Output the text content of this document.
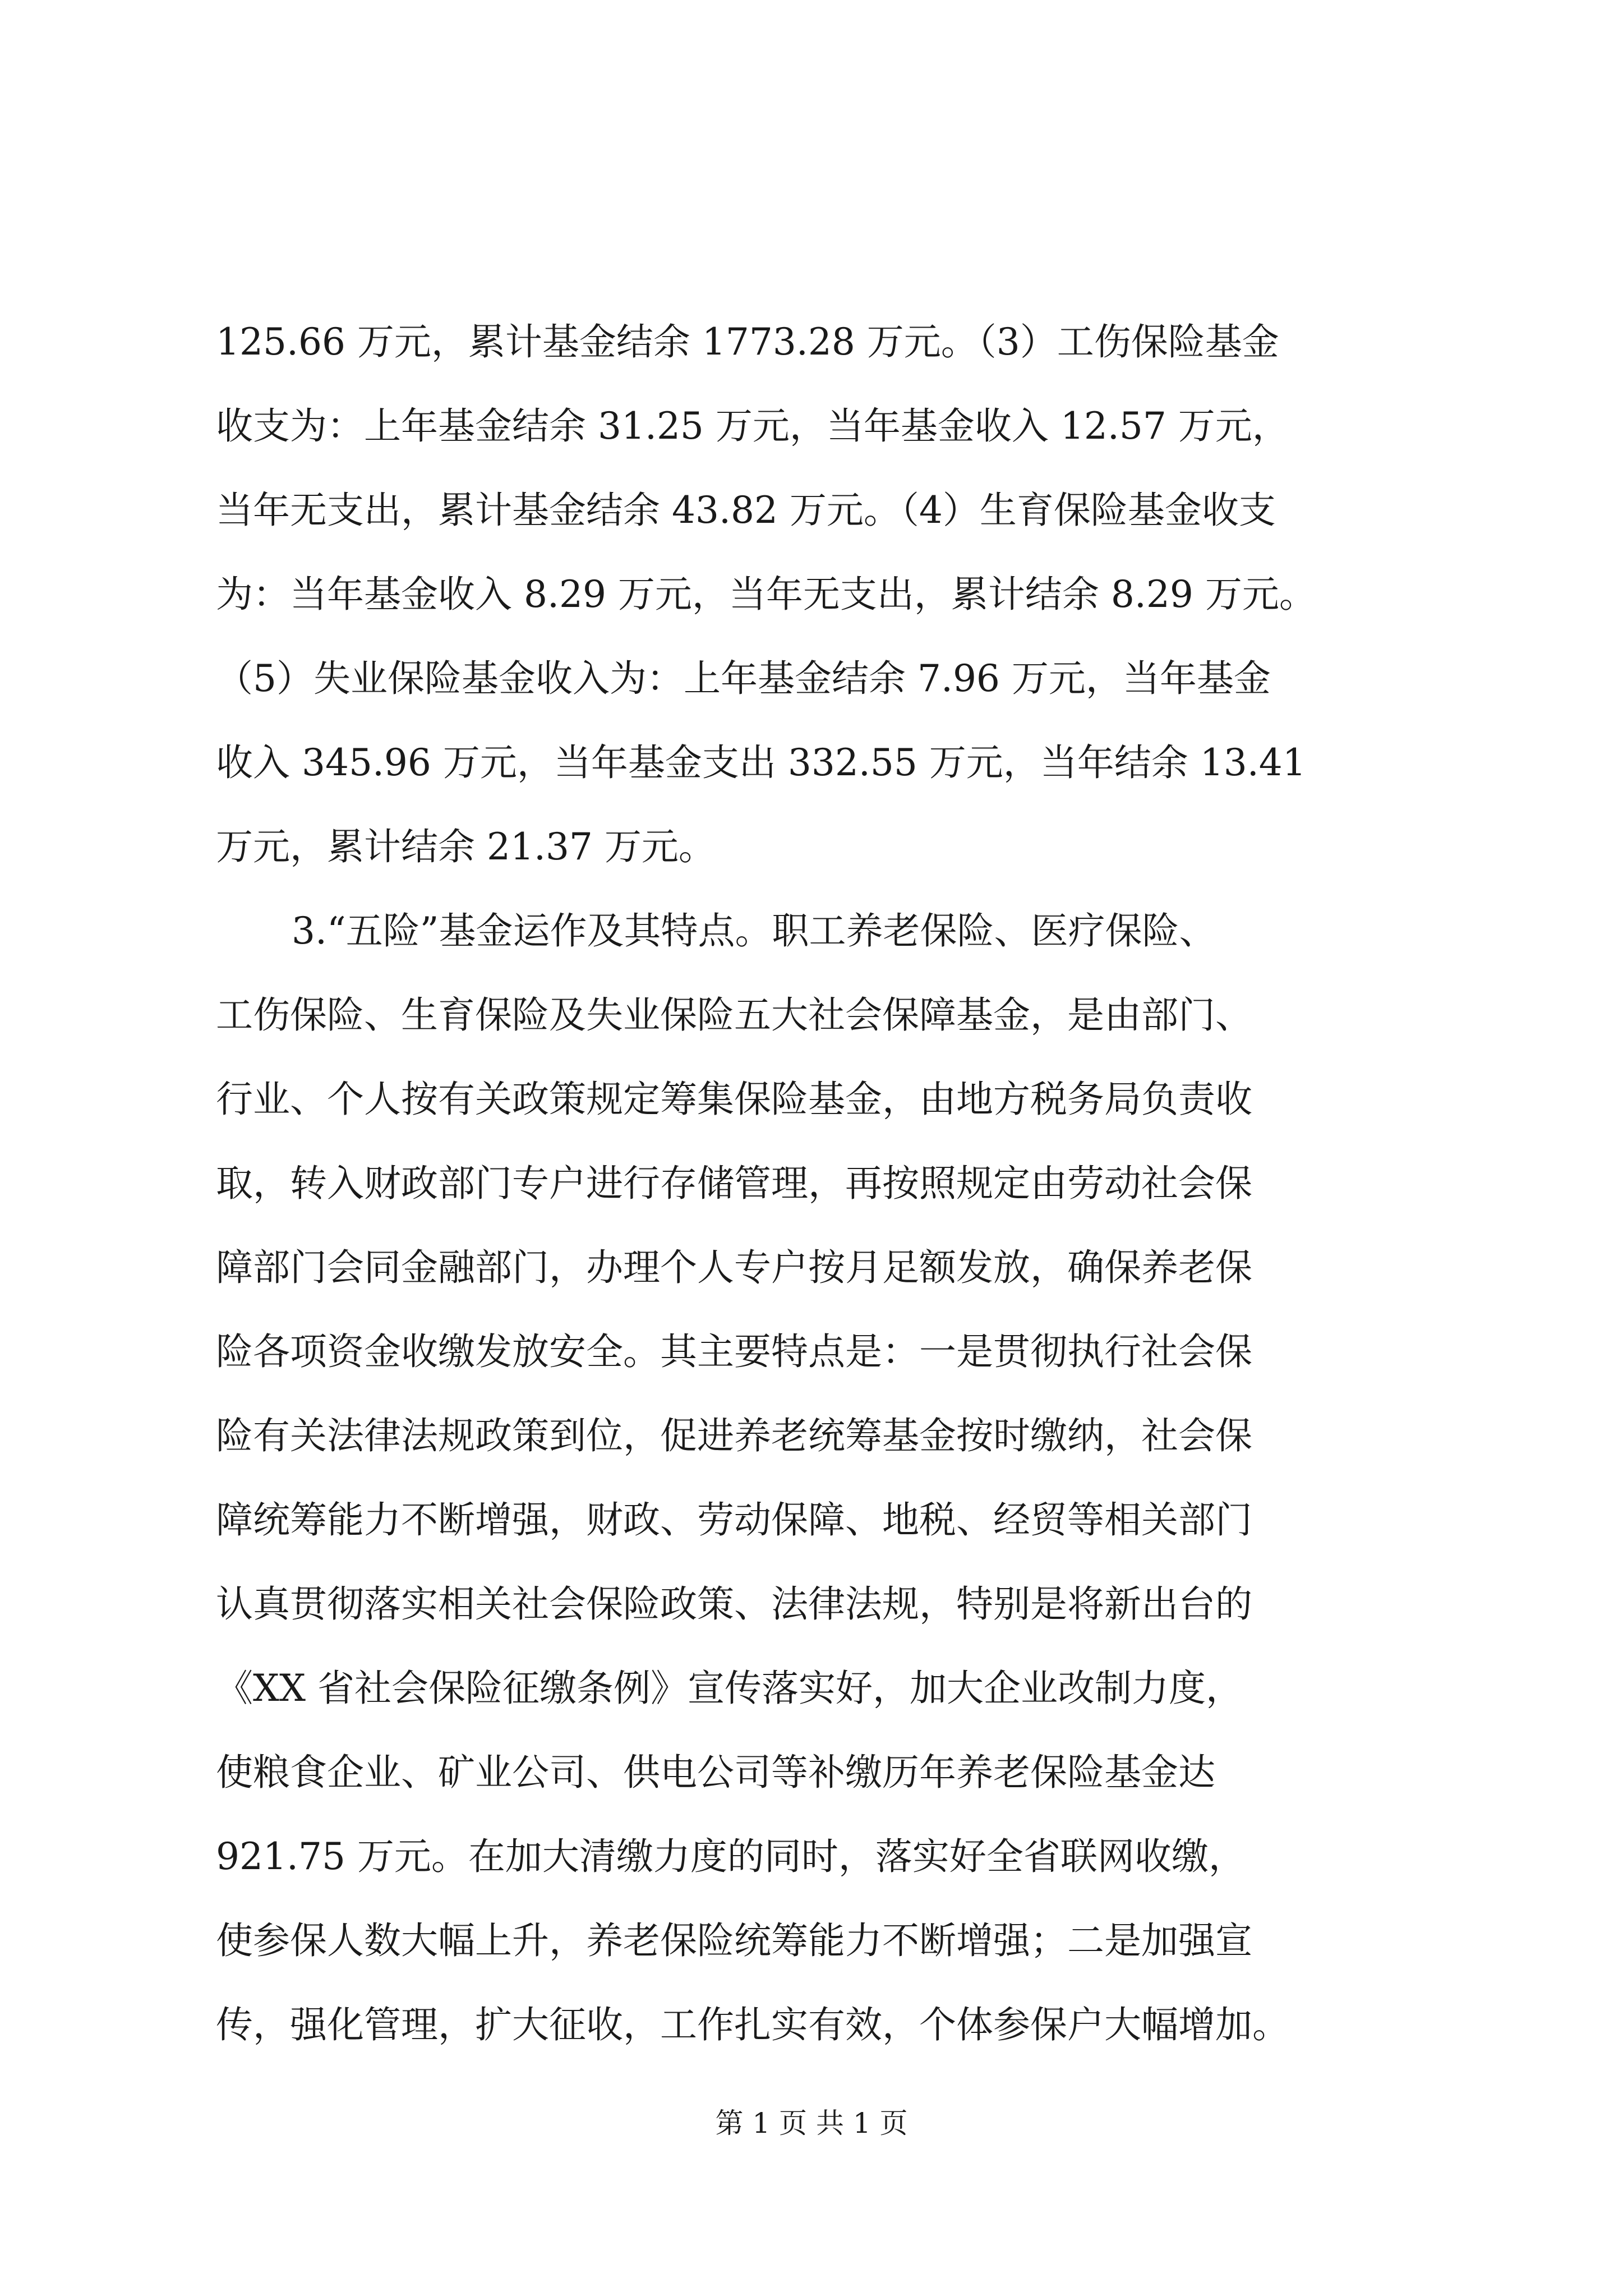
125.66 万元，累计基金结余 1773.28 万元。（3）工伤保险基金
收支为：上年基金结余 31.25 万元，当年基金收入 12.57 万元，
当年无支出，累计基金结余 43.82 万元。（4）生育保险基金收支
为：当年基金收入 8.29 万元，当年无支出，累计结余 8.29 万元。
（5）失业保险基金收入为：上年基金结余 7.96 万元，当年基金
收入 345.96 万元，当年基金支出 332.55 万元，当年结余 13.41
万元，累计结余 21.37 万元。
3.“五险”基金运作及其特点。职工养老保险、医疗保险、
工伤保险、生育保险及失业保险五大社会保障基金，是由部门、
行业、个人按有关政策规定筹集保险基金，由地方税务局负责收
取，转入财政部门专户进行存储管理，再按照规定由劳动社会保
障部门会同金融部门，办理个人专户按月足额发放，确保养老保
险各项资金收缴发放安全。其主要特点是：一是贯彻执行社会保
险有关法律法规政策到位，促进养老统筹基金按时缴纳，社会保
障统筹能力不断增强，财政、劳动保障、地税、经贸等相关部门
认真贯彻落实相关社会保险政策、法律法规，特别是将新出台的
《XX 省社会保险征缴条例》宣传落实好，加大企业改制力度，
使粮食企业、矿业公司、供电公司等补缴历年养老保险基金达
921.75 万元。在加大清缴力度的同时，落实好全省联网收缴，
使参保人数大幅上升，养老保险统筹能力不断增强；二是加强宣
传，强化管理，扩大征收，工作扎实有效，个体参保户大幅增加。
第 1 页 共 1 页
